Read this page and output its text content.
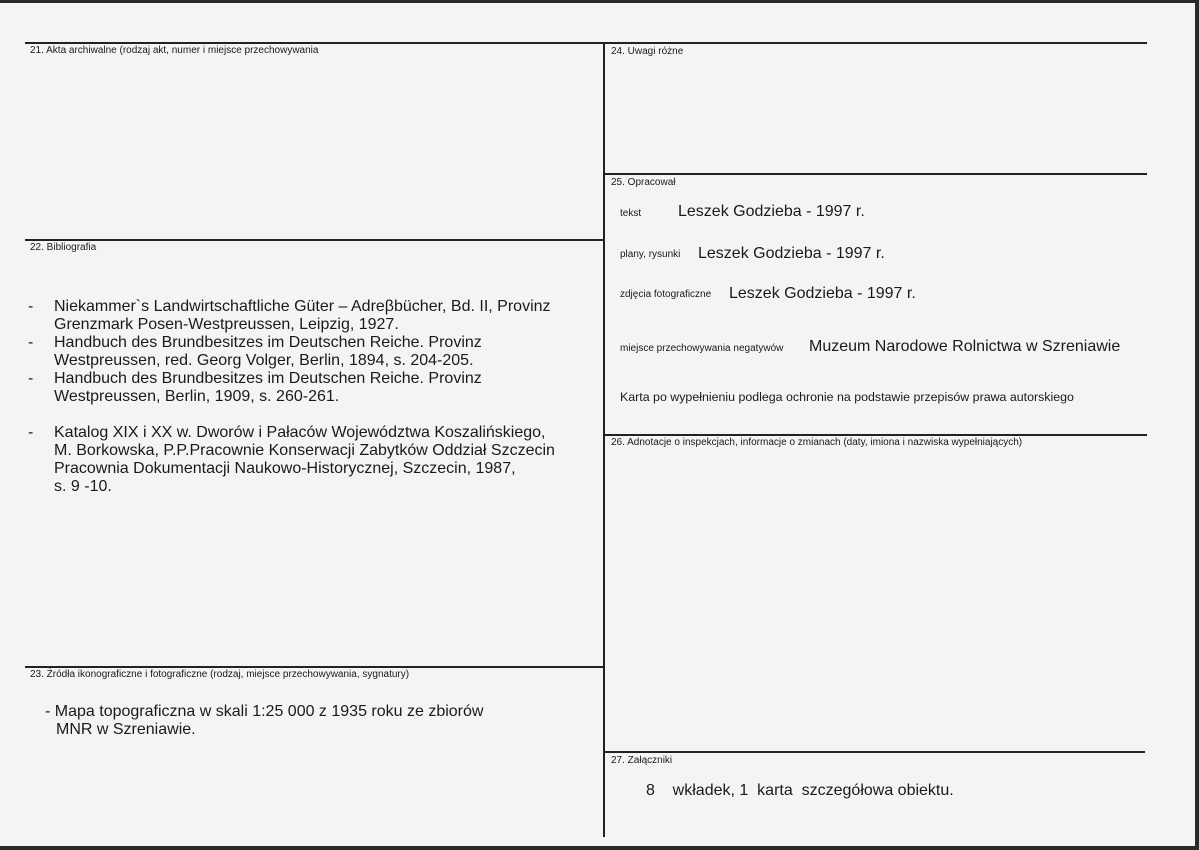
21. Akta archiwalne (rodzaj akt, numer i miejsce przechowywania
22. Bibliografia
-	Niekammer`s Landwirtschaftliche Güter – Adreβbücher, Bd. II, Provinz
Grenzmark Posen-Westpreussen, Leipzig, 1927.
-	Handbuch des Brundbesitzes im Deutschen Reiche. Provinz
Westpreussen, red. Georg Volger, Berlin, 1894, s. 204-205.
-	Handbuch des Brundbesitzes im Deutschen Reiche. Provinz
Westpreussen, Berlin, 1909, s. 260-261.
-	Katalog XIX i XX w. Dworów i Pałaców Województwa Koszalińskiego,
M. Borkowska, P.P.Pracownie Konserwacji Zabytków Oddział Szczecin
Pracownia Dokumentacji Naukowo-Historycznej, Szczecin, 1987,
s. 9 -10.
23. Źródła ikonograficzne i fotograficzne (rodzaj, miejsce przechowywania, sygnatury)
- Mapa topograficzna w skali 1:25 000 z 1935 roku ze zbiorów
MNR w Szreniawie.
24. Uwagi różne
25. Opracował
tekst Leszek Godzieba - 1997 r.
plany, rysunki Leszek Godzieba - 1997 r.
zdjęcia fotograficzne Leszek Godzieba - 1997 r.
miejsce przechowywania negatywów Muzeum Narodowe Rolnictwa w Szreniawie
Karta po wypełnieniu podlega ochronie na podstawie przepisów prawa autorskiego
26. Adnotacje o inspekcjach, informacje o zmianach (daty, imiona i nazwiska wypełniających)
27. Załączniki
8    wkładek, 1  karta  szczegółowa obiektu.
